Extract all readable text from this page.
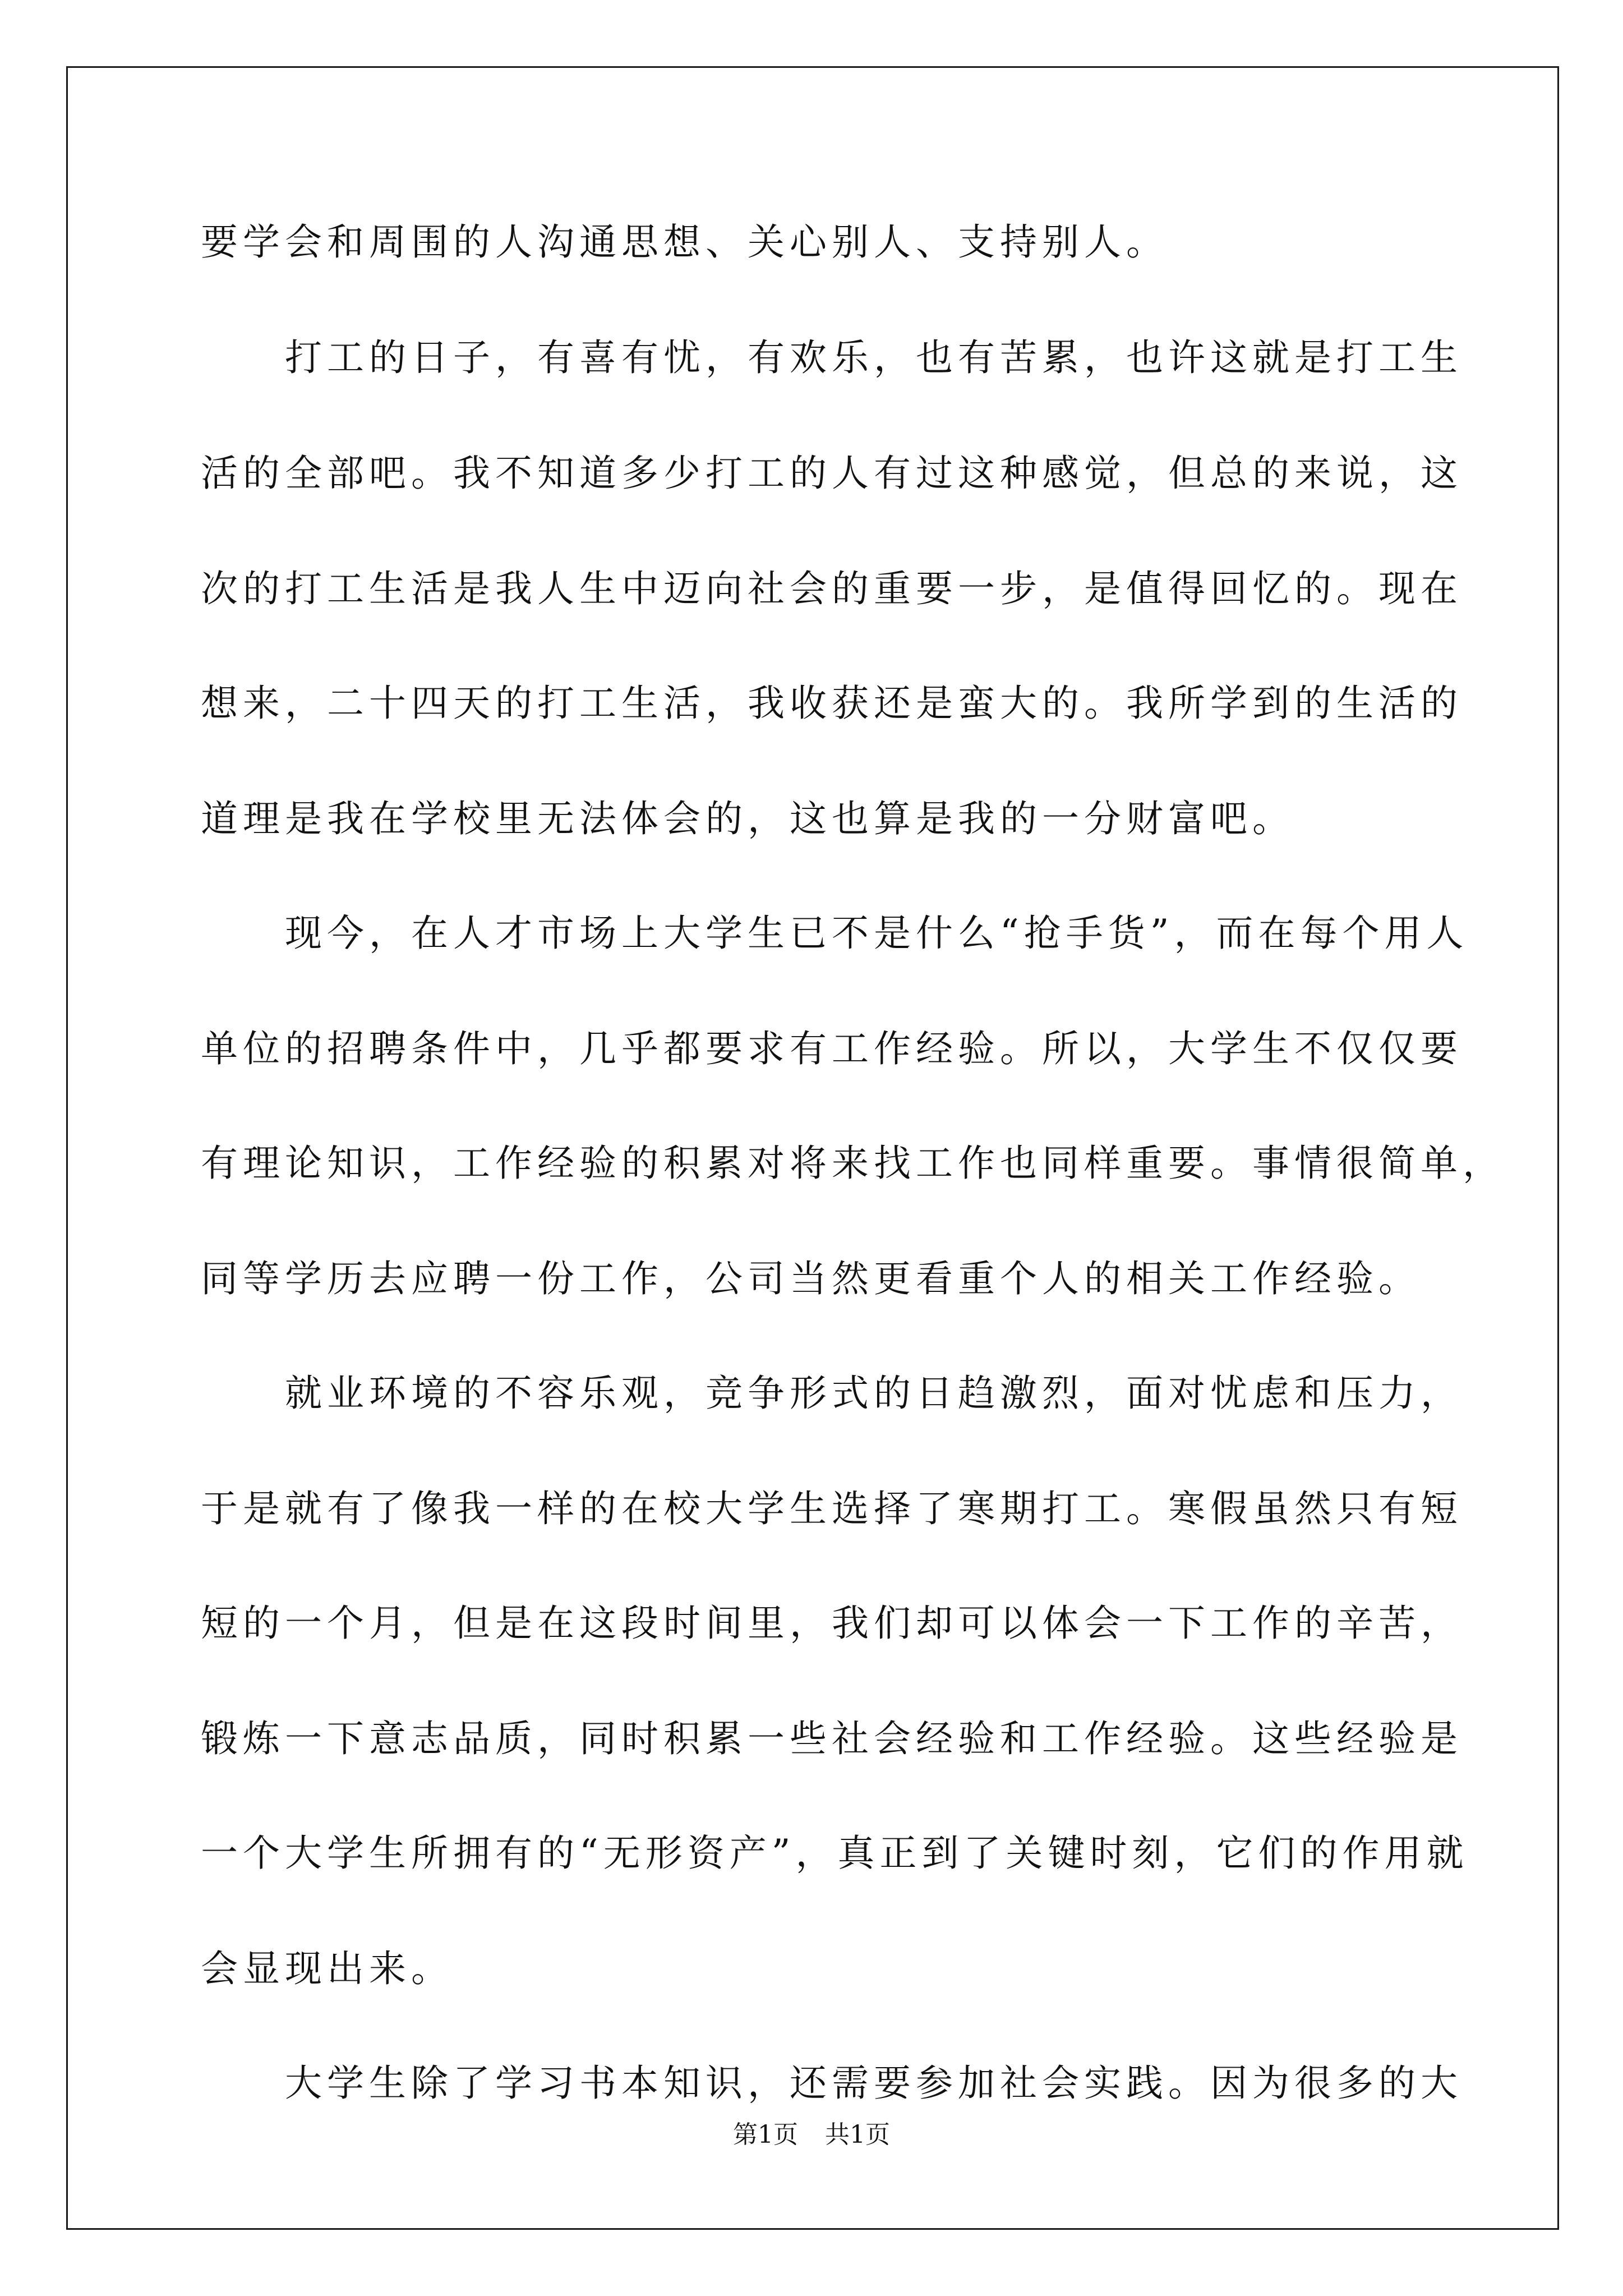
要学会和周围的人沟通思想、关心别人、支持别人。
　　打工的日子，有喜有忧，有欢乐，也有苦累，也许这就是打工生
活的全部吧。我不知道多少打工的人有过这种感觉，但总的来说，这
次的打工生活是我人生中迈向社会的重要一步，是值得回忆的。现在
想来，二十四天的打工生活，我收获还是蛮大的。我所学到的生活的
道理是我在学校里无法体会的，这也算是我的一分财富吧。
　　现今，在人才市场上大学生已不是什么“抢手货”，而在每个用人
单位的招聘条件中，几乎都要求有工作经验。所以，大学生不仅仅要
有理论知识，工作经验的积累对将来找工作也同样重要。事情很简单，
同等学历去应聘一份工作，公司当然更看重个人的相关工作经验。
　　就业环境的不容乐观，竞争形式的日趋激烈，面对忧虑和压力，
于是就有了像我一样的在校大学生选择了寒期打工。寒假虽然只有短
短的一个月，但是在这段时间里，我们却可以体会一下工作的辛苦，
锻炼一下意志品质，同时积累一些社会经验和工作经验。这些经验是
一个大学生所拥有的“无形资产”，真正到了关键时刻，它们的作用就
会显现出来。
　　大学生除了学习书本知识，还需要参加社会实践。因为很多的大
第1页 共1页
